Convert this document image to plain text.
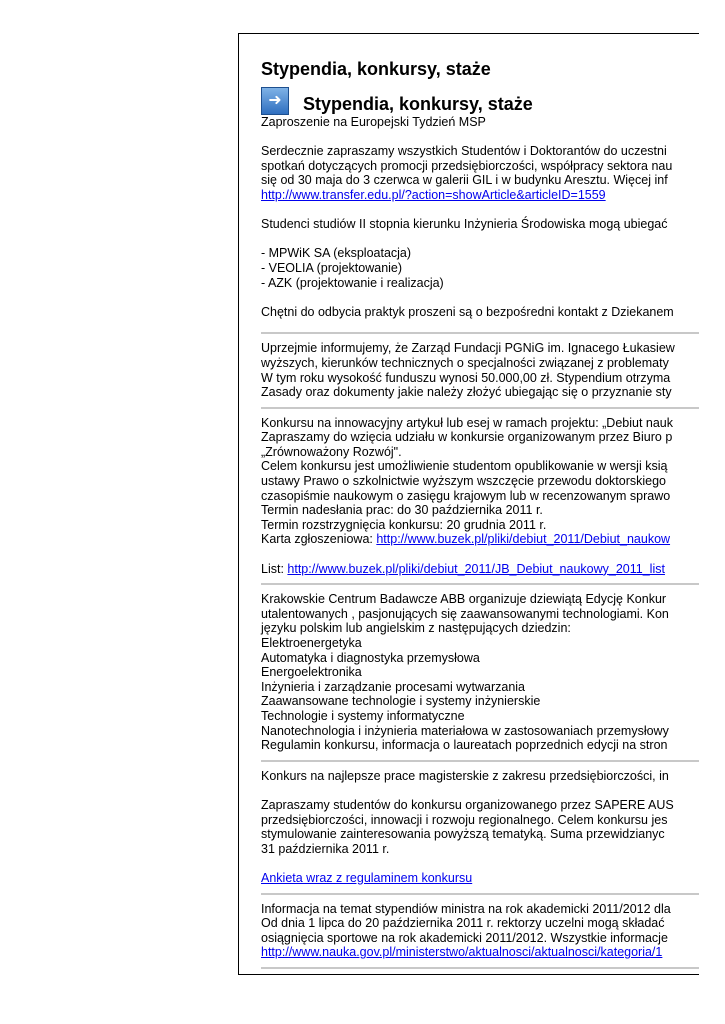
Stypendia, konkursy, staże
➜	Stypendia, konkursy, staże
Zaproszenie na Europejski Tydzień MSP
Serdecznie zapraszamy wszystkich Studentów i Doktorantów do uczestni
spotkań dotyczących promocji przedsiębiorczości, współpracy sektora nau
się od 30 maja do 3 czerwca w galerii GIL i w budynku Aresztu. Więcej inf
http://www.transfer.edu.pl/?action=showArticle&articleID=1559
Studenci studiów II stopnia kierunku Inżynieria Środowiska mogą ubiegać
- MPWiK SA (eksploatacja)
- VEOLIA (projektowanie)
- AZK (projektowanie i realizacja)
Chętni do odbycia praktyk proszeni są o bezpośredni kontakt z Dziekanem
Uprzejmie informujemy, że Zarząd Fundacji PGNiG im. Ignacego Łukasiew
wyższych, kierunków technicznych o specjalności związanej z problematy
W tym roku wysokość funduszu wynosi 50.000,00 zł. Stypendium otrzyma
Zasady oraz dokumenty jakie należy złożyć ubiegając się o przyznanie sty
Konkursu na innowacyjny artykuł lub esej w ramach projektu: „Debiut nauk
Zapraszamy do wzięcia udziału w konkursie organizowanym przez Biuro p
„Zrównoważony Rozwój".
Celem konkursu jest umożliwienie studentom opublikowanie w wersji ksią
ustawy Prawo o szkolnictwie wyższym wszczęcie przewodu doktorskiego
czasopiśmie naukowym o zasięgu krajowym lub w recenzowanym sprawo
Termin nadesłania prac: do 30 października 2011 r.
Termin rozstrzygnięcia konkursu: 20 grudnia 2011 r.
Karta zgłoszeniowa: http://www.buzek.pl/pliki/debiut_2011/Debiut_naukow
List: http://www.buzek.pl/pliki/debiut_2011/JB_Debiut_naukowy_2011_list
Krakowskie Centrum Badawcze ABB organizuje dziewiątą Edycję Konkur
utalentowanych , pasjonujących się zaawansowanymi technologiami. Kon
języku polskim lub angielskim z następujących dziedzin:
Elektroenergetyka
Automatyka i diagnostyka przemysłowa
Energoelektronika
Inżynieria i zarządzanie procesami wytwarzania
Zaawansowane technologie i systemy inżynierskie
Technologie i systemy informatyczne
Nanotechnologia i inżynieria materiałowa w zastosowaniach przemysłowy
Regulamin konkursu, informacja o laureatach poprzednich edycji na stron
Konkurs na najlepsze prace magisterskie z zakresu przedsiębiorczości, in
Zapraszamy studentów do konkursu organizowanego przez SAPERE AUS
przedsiębiorczości, innowacji i rozwoju regionalnego. Celem konkursu jes
stymulowanie zainteresowania powyższą tematyką. Suma przewidzianyc
31 października 2011 r.
Ankieta wraz z regulaminem konkursu
Informacja na temat stypendiów ministra na rok akademicki 2011/2012 dla
Od dnia 1 lipca do 20 października 2011 r. rektorzy uczelni mogą składać
osiągnięcia sportowe na rok akademicki 2011/2012. Wszystkie informacje
http://www.nauka.gov.pl/ministerstwo/aktualnosci/aktualnosci/kategoria/1
